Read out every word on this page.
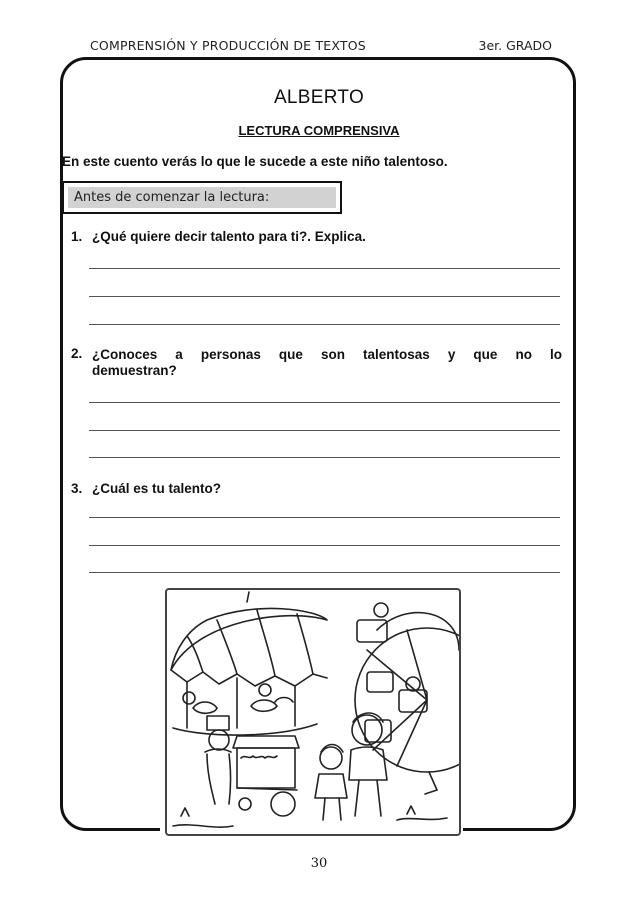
COMPRENSIÓN Y PRODUCCIÓN DE TEXTOS	3er. GRADO
ALBERTO
LECTURA COMPRENSIVA
En este cuento verás lo que le sucede a este niño talentoso.
Antes de comenzar la lectura:
1. ¿Qué quiere decir talento para ti?. Explica.
2. ¿Conoces a personas que son talentosas y que no lo
demuestran?
3. ¿Cuál es tu talento?
30
